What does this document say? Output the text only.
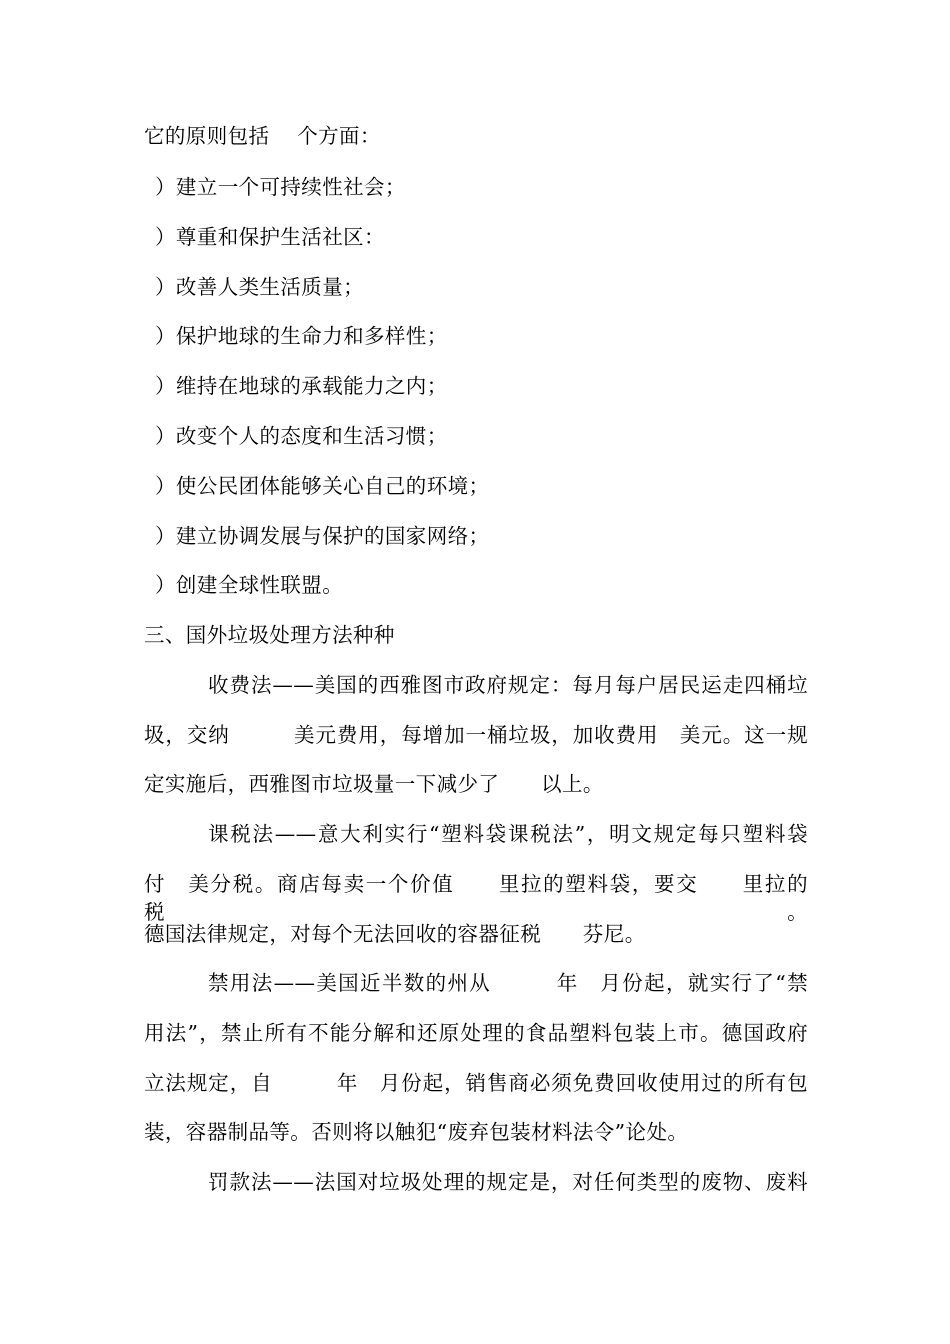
它的原则包括　 个方面：
）建立一个可持续性社会；
）尊重和保护生活社区：
）改善人类生活质量；
）保护地球的生命力和多样性；
）维持在地球的承载能力之内；
）改变个人的态度和生活习惯；
）使公民团体能够关心自己的环境；
）建立协调发展与保护的国家网络；
）创建全球性联盟。
三、国外垃圾处理方法种种
收费法——美国的西雅图市政府规定：每月每户居民运走四桶垃
圾，交纳　　　美元费用，每增加一桶垃圾，加收费用　美元。这一规
定实施后，西雅图市垃圾量一下减少了　　以上。
课税法——意大利实行“塑料袋课税法”，明文规定每只塑料袋
付　美分税。商店每卖一个价值　　里拉的塑料袋，要交　　里拉的税。
德国法律规定，对每个无法回收的容器征税　　芬尼。
禁用法——美国近半数的州从　　　年　月份起，就实行了“禁
用法”，禁止所有不能分解和还原处理的食品塑料包装上市。德国政府
立法规定，自　　　年　月份起，销售商必须免费回收使用过的所有包
装，容器制品等。否则将以触犯“废弃包装材料法令”论处。
罚款法——法国对垃圾处理的规定是，对任何类型的废物、废料
